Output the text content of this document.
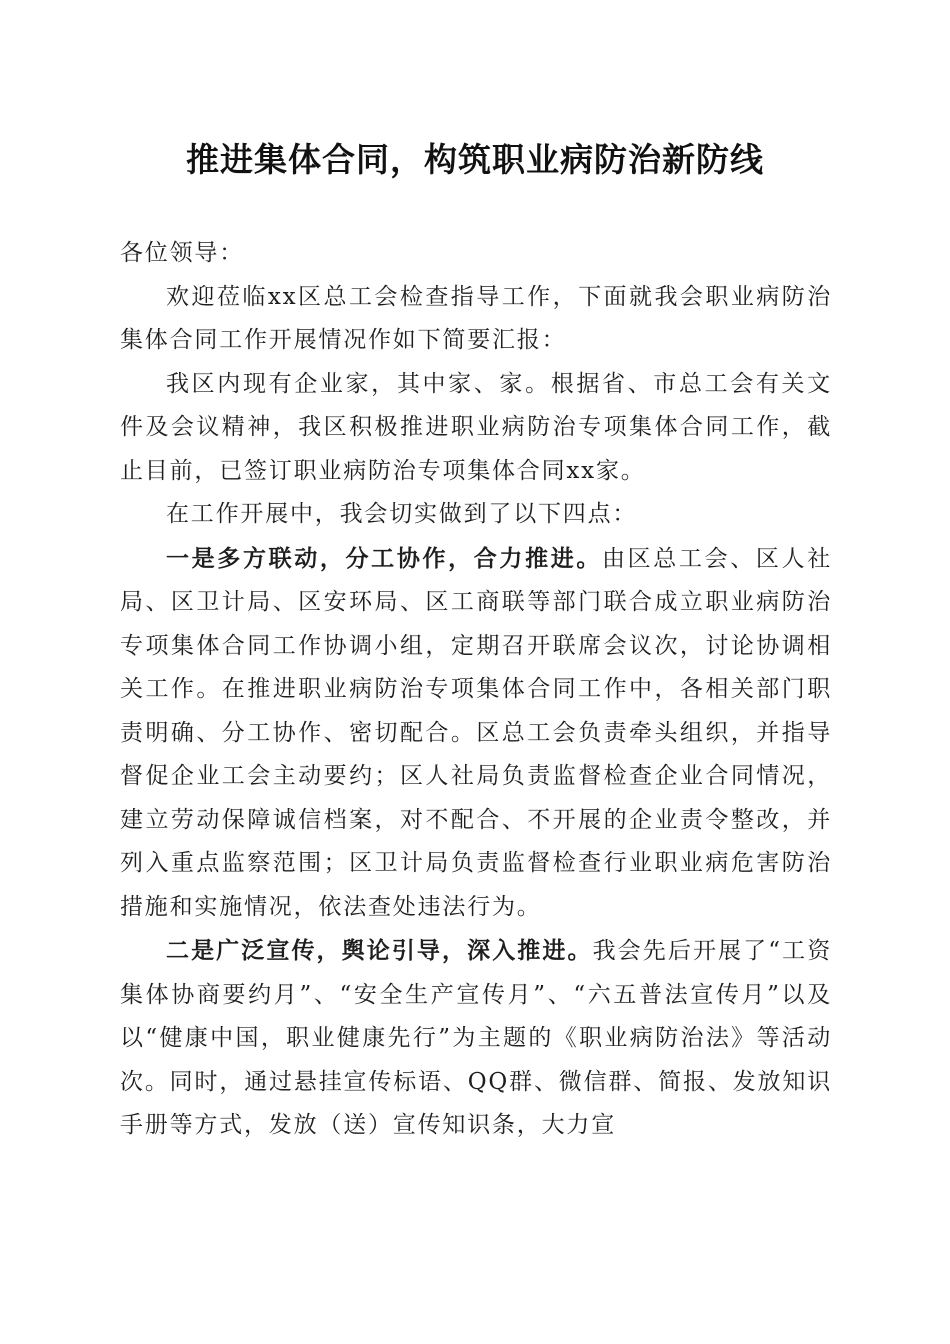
推进集体合同，构筑职业病防治新防线

各位领导：

欢迎莅临xx区总工会检查指导工作，下面就我会职业病防治集体合同工作开展情况作如下简要汇报：

我区内现有企业家，其中家、家。根据省、市总工会有关文件及会议精神，我区积极推进职业病防治专项集体合同工作，截止目前，已签订职业病防治专项集体合同xx家。

在工作开展中，我会切实做到了以下四点：

一是多方联动，分工协作，合力推进。由区总工会、区人社局、区卫计局、区安环局、区工商联等部门联合成立职业病防治专项集体合同工作协调小组，定期召开联席会议次，讨论协调相关工作。在推进职业病防治专项集体合同工作中，各相关部门职责明确、分工协作、密切配合。区总工会负责牵头组织，并指导督促企业工会主动要约；区人社局负责监督检查企业合同情况，建立劳动保障诚信档案，对不配合、不开展的企业责令整改，并列入重点监察范围；区卫计局负责监督检查行业职业病危害防治措施和实施情况，依法查处违法行为。

二是广泛宣传，舆论引导，深入推进。我会先后开展了“工资集体协商要约月”、“安全生产宣传月”、“六五普法宣传月”以及以“健康中国，职业健康先行”为主题的《职业病防治法》等活动次。同时，通过悬挂宣传标语、QQ群、微信群、简报、发放知识手册等方式，发放（送）宣传知识条，大力宣
